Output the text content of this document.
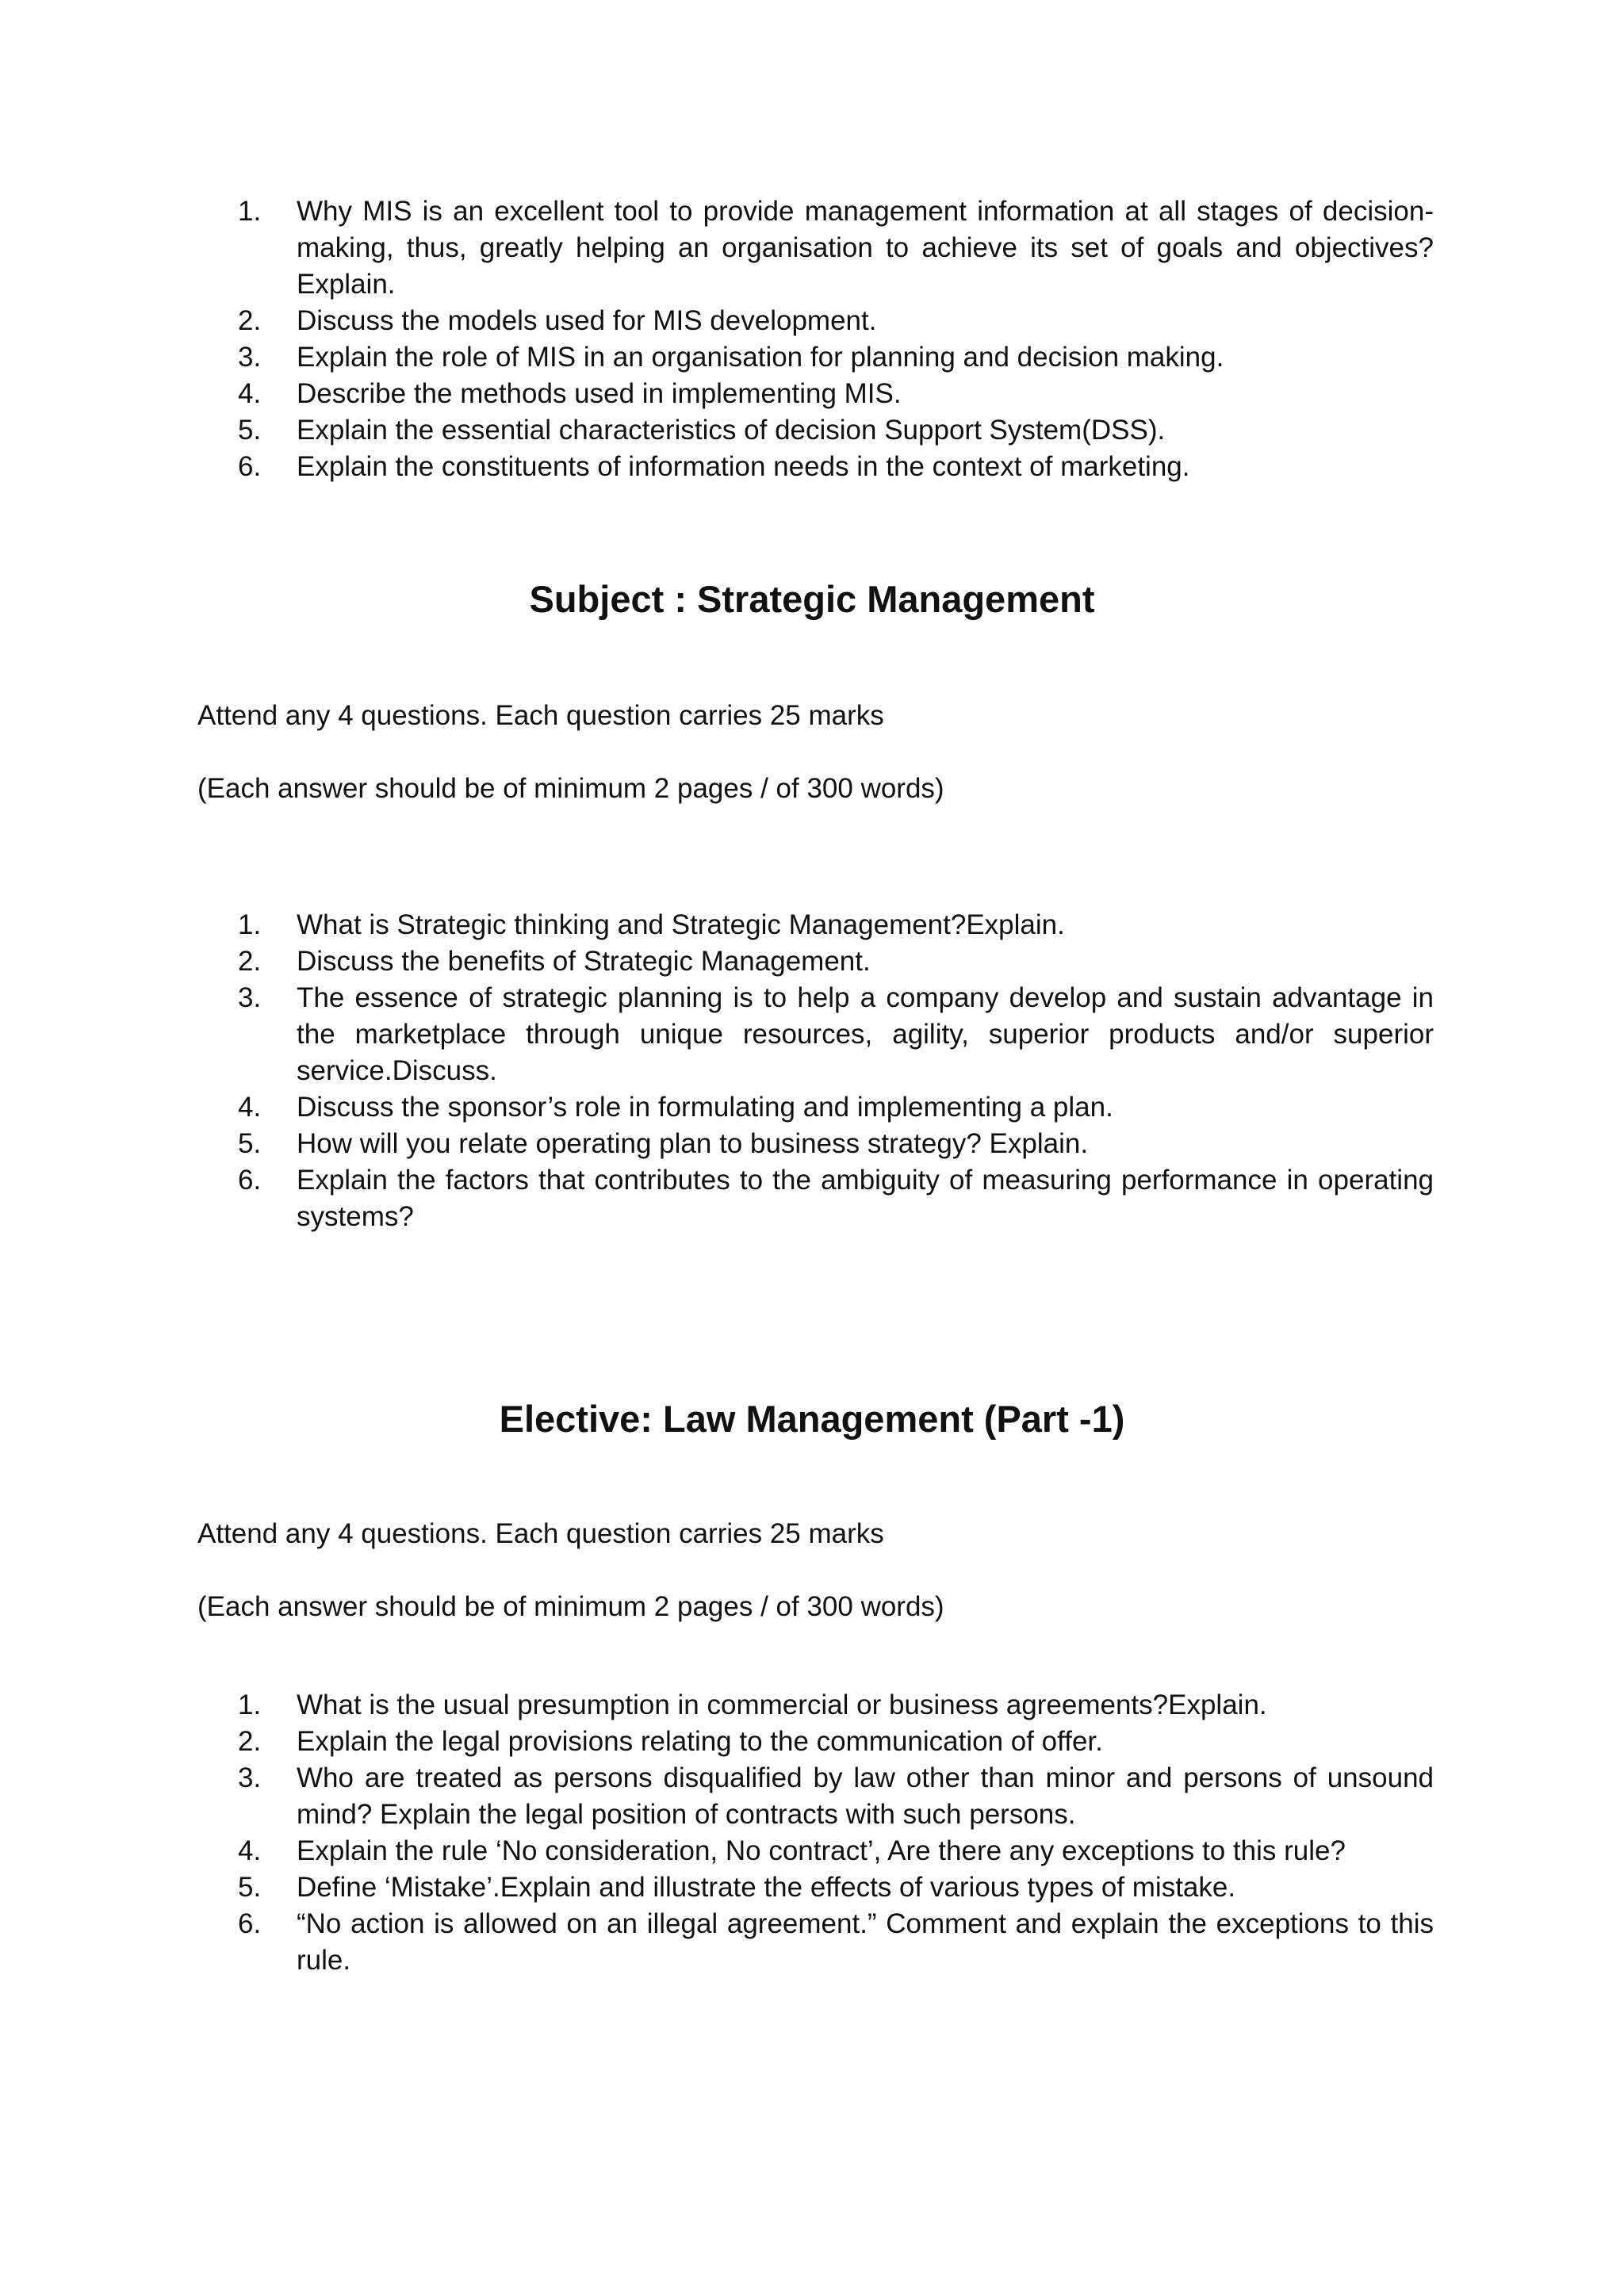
1.	Why MIS is an excellent tool to provide management information at all stages of decision-making, thus, greatly helping an organisation to achieve its set of goals and objectives? Explain.
2.	Discuss the models used for MIS development.
3.	Explain the role of MIS in an organisation for planning and decision making.
4.	Describe the methods used in implementing MIS.
5.	Explain the essential characteristics of decision Support System(DSS).
6.	Explain the constituents of information needs in the context of marketing.
Subject : Strategic Management

Attend any 4 questions. Each question carries 25 marks

(Each answer should be of minimum 2 pages / of 300 words)

1.	What is Strategic thinking and Strategic Management?Explain.
2.	Discuss the benefits of Strategic Management.
3.	The essence of strategic planning is to help a company develop and sustain advantage in the marketplace through unique resources, agility, superior products and/or superior service.Discuss.
4.	Discuss the sponsor’s role in formulating and implementing a plan.
5.	How will you relate operating plan to business strategy? Explain.
6.	Explain the factors that contributes to the ambiguity of measuring performance in operating systems?
Elective: Law Management (Part -1)

Attend any 4 questions. Each question carries 25 marks

(Each answer should be of minimum 2 pages / of 300 words)

1.	What is the usual presumption in commercial or business agreements?Explain.
2.	Explain the legal provisions relating to the communication of offer.
3.	Who are treated as persons disqualified by law other than minor and persons of unsound mind? Explain the legal position of contracts with such persons.
4.	Explain the rule ‘No consideration, No contract’, Are there any exceptions to this rule?
5.	Define ‘Mistake’.Explain and illustrate the effects of various types of mistake.
6.	“No action is allowed on an illegal agreement.” Comment and explain the exceptions to this rule.
